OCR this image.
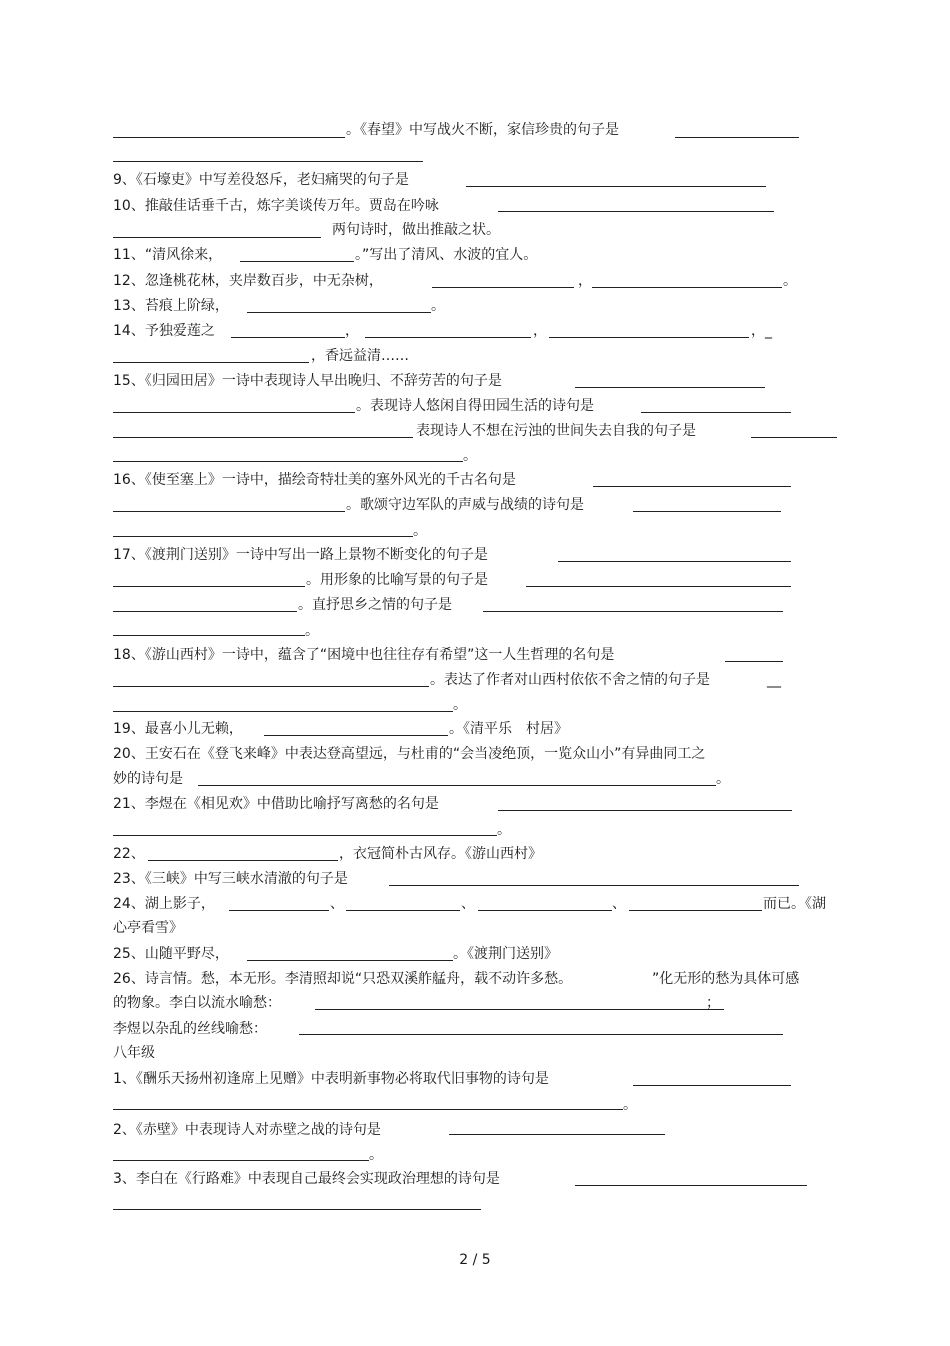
。《春望》中写战火不断，家信珍贵的句子是
9、《石壕吏》中写差役怒斥，老妇痛哭的句子是
10、推敲佳话垂千古，炼字美谈传万年。贾岛在吟咏
两句诗时，做出推敲之状。
11、“清风徐来，	。”写出了清风、水波的宜人。
12、忽逢桃花林，夹岸数百步，中无杂树，	，	。
13、苔痕上阶绿，	。
14、予独爱莲之	，	，	，_
，香远益清……
15、《归园田居》一诗中表现诗人早出晚归、不辞劳苦的句子是
。表现诗人悠闲自得田园生活的诗句是
表现诗人不想在污浊的世间失去自我的句子是
。
16、《使至塞上》一诗中，描绘奇特壮美的塞外风光的千古名句是
。歌颂守边军队的声威与战绩的诗句是
。
17、《渡荆门送别》一诗中写出一路上景物不断变化的句子是
。用形象的比喻写景的句子是
。直抒思乡之情的句子是
。
18、《游山西村》一诗中，蕴含了“困境中也往往存有希望”这一人生哲理的名句是
。表达了作者对山西村依依不舍之情的句子是	__
。
19、最喜小儿无赖，	。《清平乐　村居》
20、王安石在《登飞来峰》中表达登高望远，与杜甫的“会当凌绝顶，一览众山小”有异曲同工之
妙的诗句是	。
21、李煜在《相见欢》中借助比喻抒写离愁的名句是
。
22、	，衣冠简朴古风存。《游山西村》
23、《三峡》中写三峡水清澈的句子是
24、湖上影子，	、	、	、	而已。《湖
心亭看雪》
25、山随平野尽，	。《渡荆门送别》
26、诗言情。愁，本无形。李清照却说“只恐双溪舴艋舟，载不动许多愁。	”化无形的愁为具体可感
的物象。李白以流水喻愁：	；
李煜以杂乱的丝线喻愁：
八年级
1、《酬乐天扬州初逢席上见赠》中表明新事物必将取代旧事物的诗句是
。
2、《赤壁》中表现诗人对赤壁之战的诗句是
。
3、李白在《行路难》中表现自己最终会实现政治理想的诗句是
2 / 5
